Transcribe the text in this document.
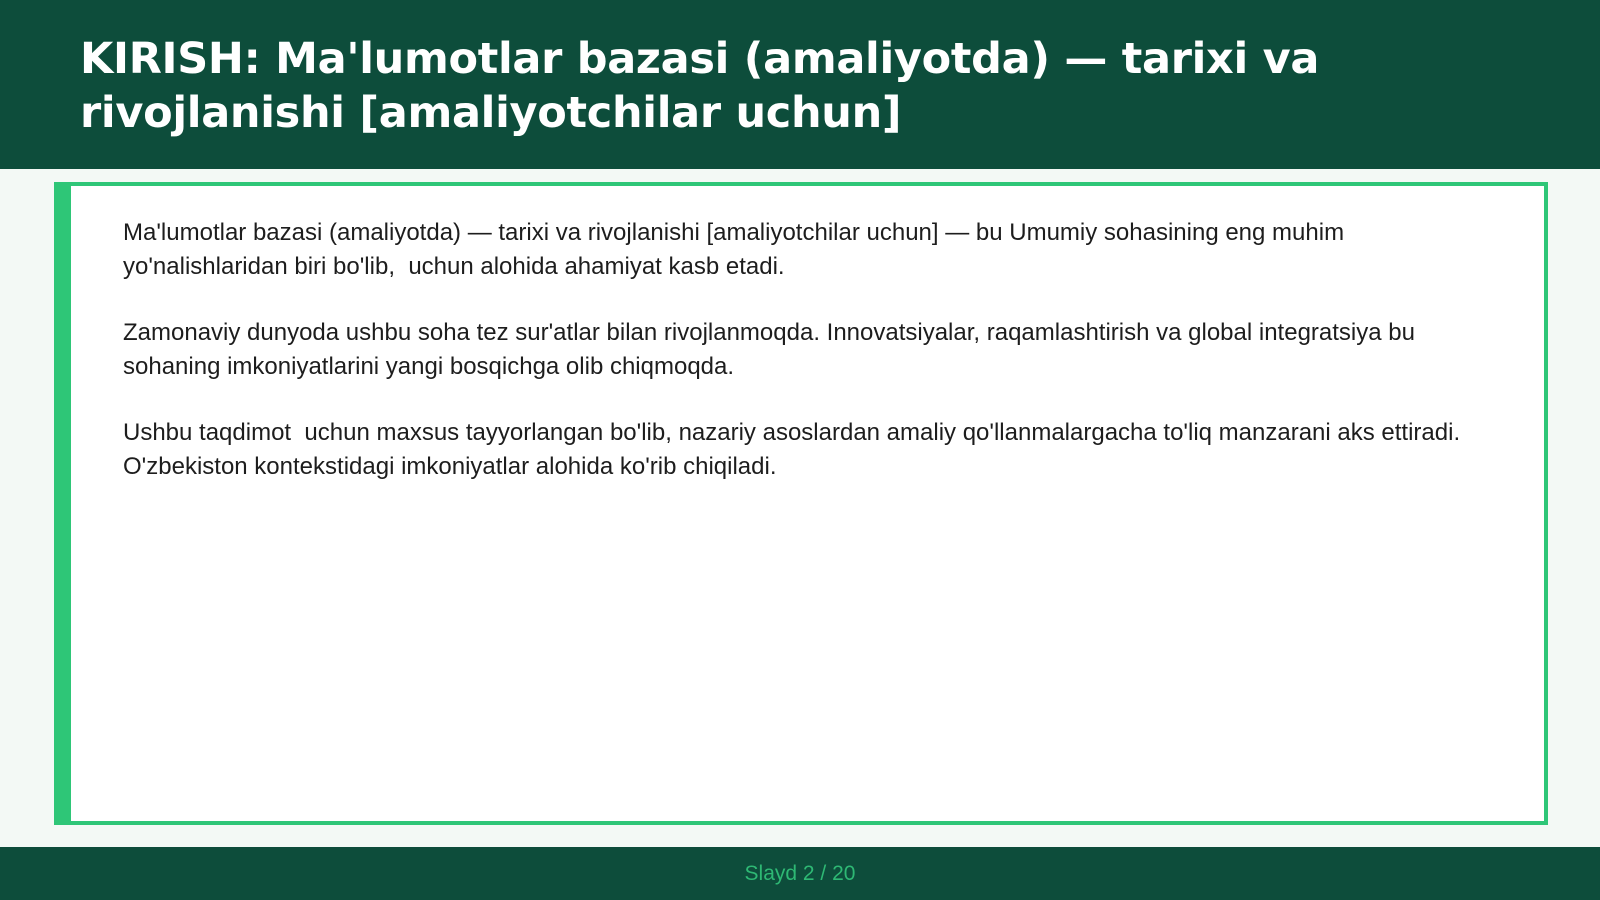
KIRISH: Ma'lumotlar bazasi (amaliyotda) — tarixi va rivojlanishi [amaliyotchilar uchun]

Ma'lumotlar bazasi (amaliyotda) — tarixi va rivojlanishi [amaliyotchilar uchun] — bu Umumiy sohasining eng muhim yo'nalishlaridan biri bo'lib,  uchun alohida ahamiyat kasb etadi.

Zamonaviy dunyoda ushbu soha tez sur'atlar bilan rivojlanmoqda. Innovatsiyalar, raqamlashtirish va global integratsiya bu sohaning imkoniyatlarini yangi bosqichga olib chiqmoqda.

Ushbu taqdimot  uchun maxsus tayyorlangan bo'lib, nazariy asoslardan amaliy qo'llanmalargacha to'liq manzarani aks ettiradi. O'zbekiston kontekstidagi imkoniyatlar alohida ko'rib chiqiladi.

Slayd 2 / 20
